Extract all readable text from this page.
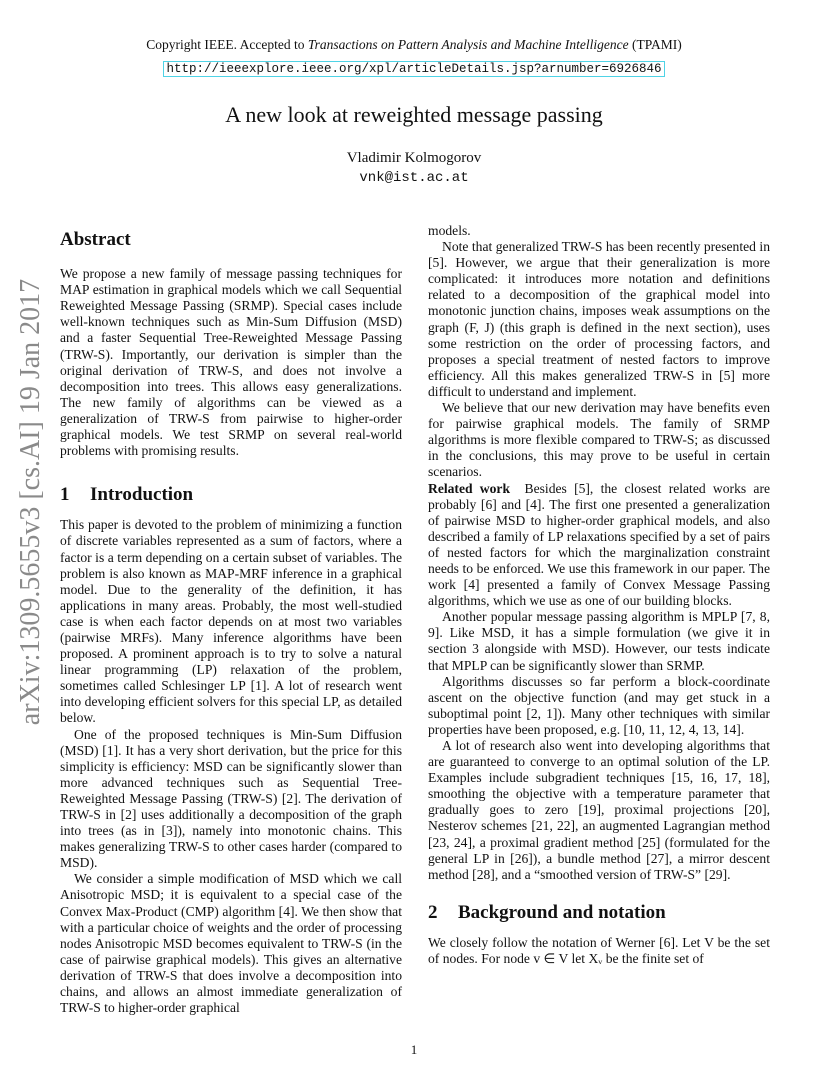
Copyright IEEE. Accepted to Transactions on Pattern Analysis and Machine Intelligence (TPAMI)
http://ieeexplore.ieee.org/xpl/articleDetails.jsp?arnumber=6926846
A new look at reweighted message passing
Vladimir Kolmogorov
vnk@ist.ac.at
arXiv:1309.5655v3 [cs.AI] 19 Jan 2017
Abstract

We propose a new family of message passing techniques for MAP estimation in graphical models which we call Sequential Reweighted Message Passing (SRMP). Special cases include well-known techniques such as Min-Sum Diffusion (MSD) and a faster Sequential Tree-Reweighted Message Passing (TRW-S). Importantly, our derivation is simpler than the original derivation of TRW-S, and does not involve a decomposition into trees. This allows easy generalizations. The new family of algorithms can be viewed as a generalization of TRW-S from pairwise to higher-order graphical models. We test SRMP on several real-world problems with promising results.

1 Introduction

This paper is devoted to the problem of minimizing a function of discrete variables represented as a sum of factors, where a factor is a term depending on a certain subset of variables. The problem is also known as MAP-MRF inference in a graphical model. Due to the generality of the definition, it has applications in many areas. Probably, the most well-studied case is when each factor depends on at most two variables (pairwise MRFs). Many inference algorithms have been proposed. A prominent approach is to try to solve a natural linear programming (LP) relaxation of the problem, sometimes called Schlesinger LP [1]. A lot of research went into developing efficient solvers for this special LP, as detailed below.

One of the proposed techniques is Min-Sum Diffusion (MSD) [1]. It has a very short derivation, but the price for this simplicity is efficiency: MSD can be significantly slower than more advanced techniques such as Sequential Tree-Reweighted Message Passing (TRW-S) [2]. The derivation of TRW-S in [2] uses additionally a decomposition of the graph into trees (as in [3]), namely into monotonic chains. This makes generalizing TRW-S to other cases harder (compared to MSD).

We consider a simple modification of MSD which we call Anisotropic MSD; it is equivalent to a special case of the Convex Max-Product (CMP) algorithm [4]. We then show that with a particular choice of weights and the order of processing nodes Anisotropic MSD becomes equivalent to TRW-S (in the case of pairwise graphical models). This gives an alternative derivation of TRW-S that does involve a decomposition into chains, and allows an almost immediate generalization of TRW-S to higher-order graphical

models.

Note that generalized TRW-S has been recently presented in [5]. However, we argue that their generalization is more complicated: it introduces more notation and definitions related to a decomposition of the graphical model into monotonic junction chains, imposes weak assumptions on the graph (F, J) (this graph is defined in the next section), uses some restriction on the order of processing factors, and proposes a special treatment of nested factors to improve efficiency. All this makes generalized TRW-S in [5] more difficult to understand and implement.

We believe that our new derivation may have benefits even for pairwise graphical models. The family of SRMP algorithms is more flexible compared to TRW-S; as discussed in the conclusions, this may prove to be useful in certain scenarios.

Related work Besides [5], the closest related works are probably [6] and [4]. The first one presented a generalization of pairwise MSD to higher-order graphical models, and also described a family of LP relaxations specified by a set of pairs of nested factors for which the marginalization constraint needs to be enforced. We use this framework in our paper. The work [4] presented a family of Convex Message Passing algorithms, which we use as one of our building blocks.

Another popular message passing algorithm is MPLP [7, 8, 9]. Like MSD, it has a simple formulation (we give it in section 3 alongside with MSD). However, our tests indicate that MPLP can be significantly slower than SRMP.

Algorithms discusses so far perform a block-coordinate ascent on the objective function (and may get stuck in a suboptimal point [2, 1]). Many other techniques with similar properties have been proposed, e.g. [10, 11, 12, 4, 13, 14].

A lot of research also went into developing algorithms that are guaranteed to converge to an optimal solution of the LP. Examples include subgradient techniques [15, 16, 17, 18], smoothing the objective with a temperature parameter that gradually goes to zero [19], proximal projections [20], Nesterov schemes [21, 22], an augmented Lagrangian method [23, 24], a proximal gradient method [25] (formulated for the general LP in [26]), a bundle method [27], a mirror descent method [28], and a “smoothed version of TRW-S” [29].

2 Background and notation

We closely follow the notation of Werner [6]. Let V be the set of nodes. For node v ∈ V let Xᵥ be the finite set of

1
